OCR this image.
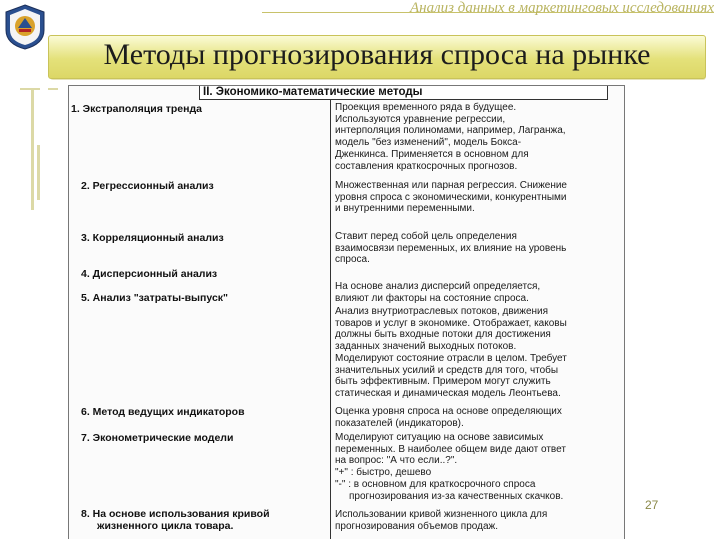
Анализ данных в маркетинговых исследованиях
Методы прогнозирования спроса на рынке
II. Экономико-математические методы
1. Экстраполяция тренда
2. Регрессионный анализ
3. Корреляционный анализ
4. Дисперсионный анализ
5. Анализ "затраты-выпуск"
6. Метод ведущих индикаторов
7. Эконометрические модели
8. На основе использования кривой
жизненного цикла товара.

Проекция временного ряда в будущее.

Используются уравнение регрессии,

интерполяция полиномами, например, Лагранжа,

модель "без изменений", модель Бокса-

Дженкинса. Применяется в основном для

составления краткосрочных прогнозов.

Множественная или парная регрессия. Снижение

уровня спроса с экономическими, конкурентными

и внутренними переменными.

Ставит перед собой цель определения

взаимосвязи переменных, их влияние на уровень

спроса.

На основе анализ дисперсий определяется,

влияют ли факторы на состояние спроса.

Анализ внутриотраслевых потоков, движения

товаров и услуг в экономике. Отображает, каковы

должны быть входные потоки для достижения

заданных значений выходных потоков.

Моделируют состояние отрасли в целом. Требует

значительных усилий и средств для того, чтобы

быть эффективным. Примером могут служить

статическая и динамическая модель Леонтьева.

Оценка уровня спроса на основе определяющих

показателей (индикаторов).

Моделируют ситуацию на основе зависимых

переменных. В наиболее общем виде дают ответ

на вопрос: "А что если..?".

"+" : быстро, дешево

"-" : в основном для краткосрочного спроса

прогнозирования из-за качественных скачков.

Использовании кривой жизненного цикла для

прогнозирования объемов продаж.

27
